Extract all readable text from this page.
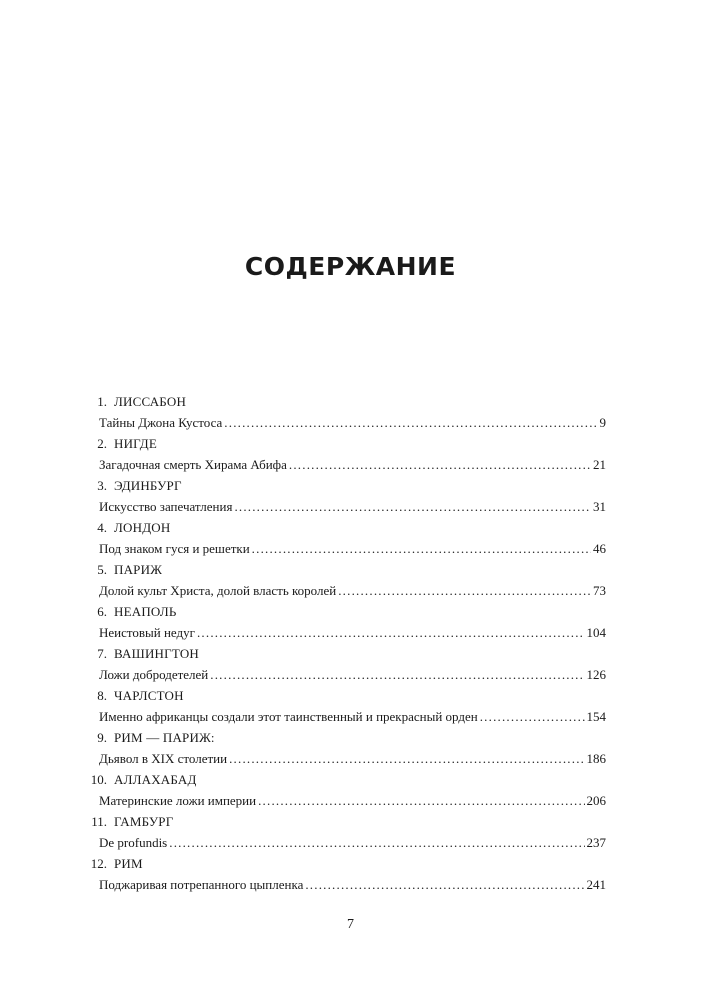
СОДЕРЖАНИЕ
1. ЛИССАБОН
Тайны Джона Кустоса .....	9
2. НИГДЕ
Загадочная смерть Хирама Абифа .....	21
3. ЭДИНБУРГ
Искусство запечатления .....	31
4. ЛОНДОН
Под знаком гуся и решетки .....	46
5. ПАРИЖ
Долой культ Христа, долой власть королей .....	73
6. НЕАПОЛЬ
Неистовый недуг .....	104
7. ВАШИНГТОН
Ложи добродетелей .....	126
8. ЧАРЛСТОН
Именно африканцы создали этот таинственный и прекрасный орден .....	154
9. РИМ — ПАРИЖ:
Дьявол в XIX столетии .....	186
10. АЛЛАХАБАД
Материнские ложи империи .....	206
11. ГАМБУРГ
De profundis .....	237
12. РИМ
Поджаривая потрепанного цыпленка .....	241
7
